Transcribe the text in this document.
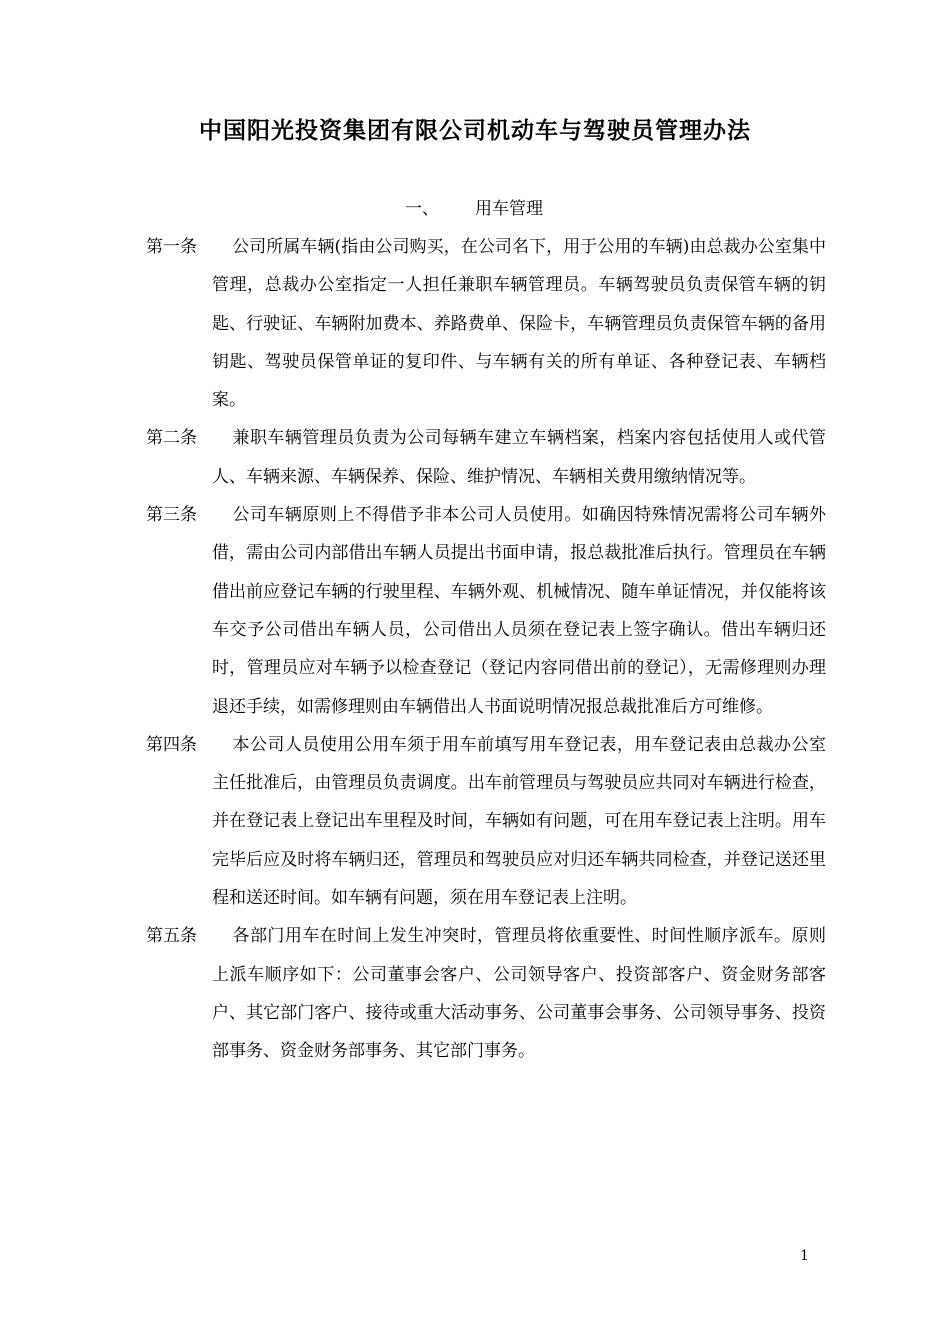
中国阳光投资集团有限公司机动车与驾驶员管理办法
一、 用车管理
第一条	公司所属车辆(指由公司购买，在公司名下，用于公用的车辆)由总裁办公室集中管理，总裁办公室指定一人担任兼职车辆管理员。车辆驾驶员负责保管车辆的钥匙、行驶证、车辆附加费本、养路费单、保险卡，车辆管理员负责保管车辆的备用钥匙、驾驶员保管单证的复印件、与车辆有关的所有单证、各种登记表、车辆档案。

第二条	兼职车辆管理员负责为公司每辆车建立车辆档案，档案内容包括使用人或代管人、车辆来源、车辆保养、保险、维护情况、车辆相关费用缴纳情况等。

第三条	公司车辆原则上不得借予非本公司人员使用。如确因特殊情况需将公司车辆外借，需由公司内部借出车辆人员提出书面申请，报总裁批准后执行。管理员在车辆借出前应登记车辆的行驶里程、车辆外观、机械情况、随车单证情况，并仅能将该车交予公司借出车辆人员，公司借出人员须在登记表上签字确认。借出车辆归还时，管理员应对车辆予以检查登记（登记内容同借出前的登记），无需修理则办理退还手续，如需修理则由车辆借出人书面说明情况报总裁批准后方可维修。

第四条	本公司人员使用公用车须于用车前填写用车登记表，用车登记表由总裁办公室主任批准后，由管理员负责调度。出车前管理员与驾驶员应共同对车辆进行检查，并在登记表上登记出车里程及时间，车辆如有问题，可在用车登记表上注明。用车完毕后应及时将车辆归还，管理员和驾驶员应对归还车辆共同检查，并登记送还里程和送还时间。如车辆有问题，须在用车登记表上注明。

第五条	各部门用车在时间上发生冲突时，管理员将依重要性、时间性顺序派车。原则上派车顺序如下：公司董事会客户、公司领导客户、投资部客户、资金财务部客户、其它部门客户、接待或重大活动事务、公司董事会事务、公司领导事务、投资部事务、资金财务部事务、其它部门事务。

1
